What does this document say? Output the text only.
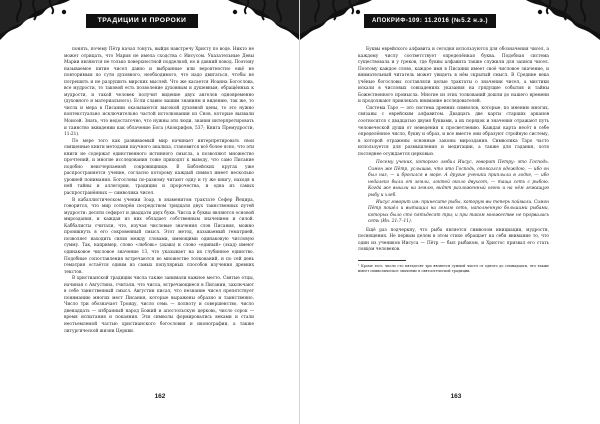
ТРАДИЦИИ И ПРОРОКИ

понять, почему Пётр начал тонуть, выйдя навстречу Христу по воде. Никто не может отрицать, что Мария не имела сходства с Иисусом. Указательные Девы Марии являются не только поверхностной подделкой, но и давний повод. Поэтому называемое питие чисел давно и выбранные или вероятностно ещё не повторимым по сути духовного, необходимого, что надо двигаться, чтобы не погрешить и не разрушить мирских мыслей. Что же касается Иоанна Богослова, все мудрости, то таковой есть позволение духовным и душевным, обращённых к мудрости, и такой человек получит видение двух ангелов одновременно (духовного и материального). Если славно вашим знаниям и видению, так же, то числа и мера в Писании оказываются высокой духовной цены, то это нужно контекстуально исключительно частой истолковании из Снов, которые вызвали Моисей. Знать, что недостаточно, что нужны эти люди, знания интерпретировать и таинство эквидении как облачение Бога (Апокрифов, 537; Книга Премудрости, 11:21).

По мере того как развиваемый мир начинает интерпретировать свои священные книги методами научного анализа, становится всё более ясно, что эти книги не содержат единственного истинного смысла, а позволяют множество прочтений, и многие исследования тоже приходят к выводу, что само Писание подобно неисчерпаемой сокровищнице. В Библейских кругах уже распространяется учение, согласно которому каждый символ имеет несколько уровней понимания. Богословы по-разному читают одну и ту же книгу, находя в ней тайны и аллегории, традиции и пророчества, и одна из самых распространённых — символика чисел.

В кабаллистическом учении Зоар, в знаменитом трактате Сефер Йецира, говорится, что мир сотворён посредством тридцати двух таинственных путей мудрости: десяти сефирот и двадцати двух букв. Числа и буквы являются основой мироздания, и каждая из них обладает собственным значением и силой. Каббалисты считали, что, изучая числовые значения слов Писания, можно проникнуть в его сокровенный смысл. Этот метод, называемый гематрией, позволяет находить связи между словами, имеющими одинаковую числовую сумму. Так, например, слово «любовь» (ахава) и слово «единый» (эхад) имеют одинаковое числовое значение 13, что указывает на их глубинное единство. Подобные сопоставления встречаются во множестве толкований, и по сей день гематрия остаётся одним из самых популярных способов изучения древних текстов.

В христианской традиции числа также занимали важное место. Святые отцы, начиная с Августина, считали, что числа, встречающиеся в Писании, заключают в себе таинственный смысл. Августин писал, что незнание чисел препятствует пониманию многих мест Писания, которые выражены образно и таинственно. Число три обозначает Троицу, число семь — полноту и совершенство, число двенадцать — избранный народ Божий и апостольскую церковь, число сорок — время испытания и покаяния. Эти символы формировались веками и стали неотъемлемой частью христианского богословия и иконографии, а также литургической жизни Церкви.

162
АПОКРИФ-109: 11.2016 (№5.2 н.э.)

Буквы еврейского алфавита и сегодня используются для обозначения чисел, а каждому числу соответствует определённая буква. Подобная система существовала и у греков, где буквы алфавита также служили для записи чисел. Поэтому каждое слово, каждое имя в Писании имеет своё числовое значение, и внимательный читатель может увидеть в нём скрытый смысл. В Средние века учёные богословы составляли целые трактаты о значении чисел, а мистики искали в числовых совпадениях указания на грядущие события и тайны Божественного промысла. Многие из этих толкований дошли до нашего времени и продолжают привлекать внимание исследователей.

Система Таро — это система древних символов, которые, по мнению многих, связаны с еврейским алфавитом. Двадцать две карты старших арканов соотносятся с двадцатью двумя буквами, а их порядок и значения отражают путь человеческой души от неведения к просветлению. Каждая карта несёт в себе определённое число, букву и образ, и все вместе они образуют стройную систему, в которой отражены основные законы мироздания. Символика Таро часто используется для размышления и медитации, а также для гадания, хотя последнее осуждается церковью.

Посему ученик, которого любил Иисус, говорит Петру: это Господь. Симон же Пётр, услышав, что это Господь, опоясался одеждою, — ибо он был наг, — и бросился в море. А другие ученики приплыли в лодке, — ибо недалеко были от земли, локтей около двухсот, — таща сеть с рыбою. Когда же вышли на землю, видят разложенный огонь и на нём лежащую рыбу и хлеб.

Иисус говорит им: принесите рыбы, которую вы теперь поймали. Симон Пётр пошёл и вытащил на землю сеть, наполненную большими рыбами, которых было сто пятьдесят три; и при таком множестве не прорвалась сеть (Ин. 21:7–11).

Ещё раз подчеркну, что рыба является символом инициации, мудрости, посвящения. Не первым делом в этом стихе обращает на себя внимание то, что один из учеников Иисуса — Пётр — был рыбаком, и Христос призвал его стать ловцом человеков.

¹ Кроме того, число сто пятьдесят три является суммой чисел от одного до семнадцати, что также имеет символическое значение в святоотеческой традиции.
163
